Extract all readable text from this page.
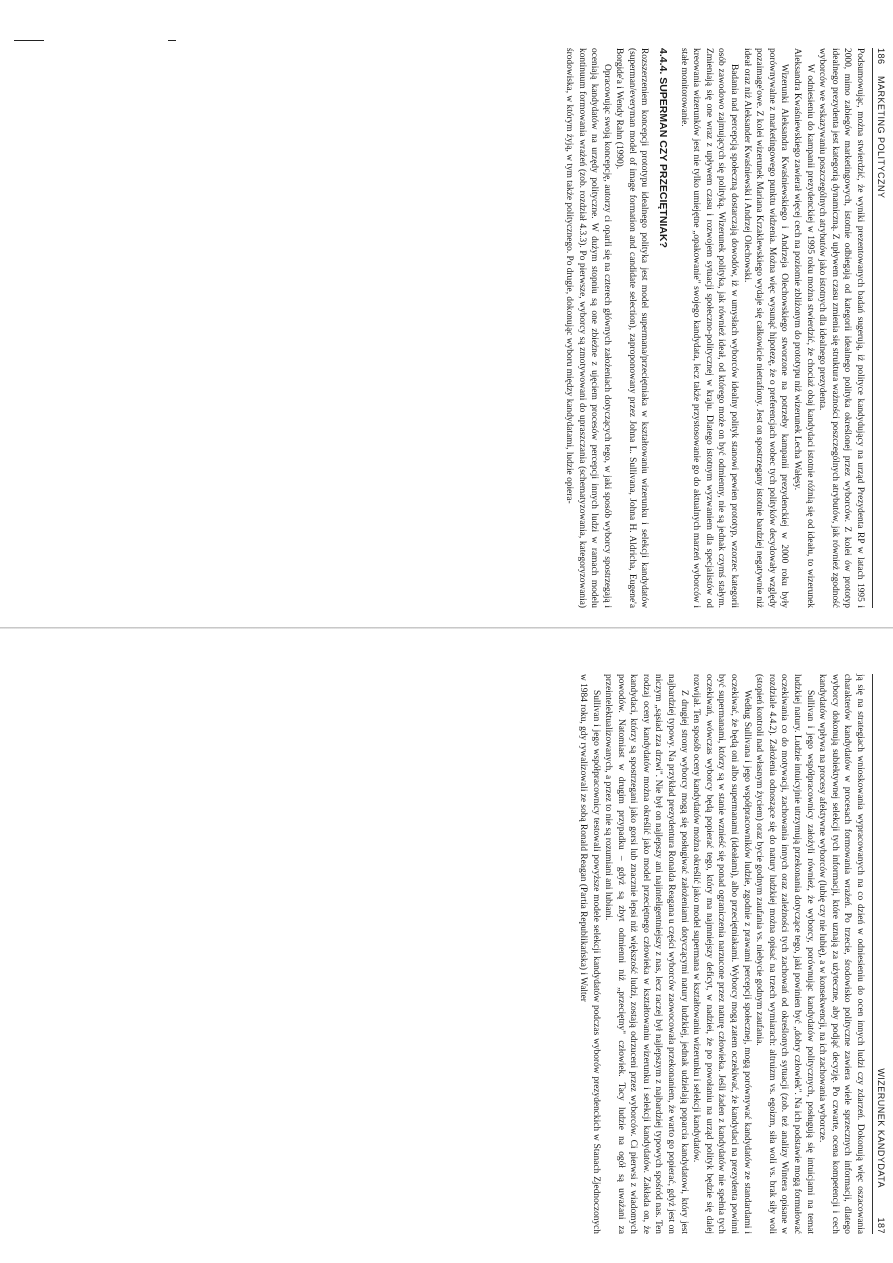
186
MARKETING POLITYCZNY

Podsumowując, można stwierdzić, że wyniki prezentowanych badań sugerują, iż polityce kandydujący na urząd Prezydenta RP w latach 1995 i 2000, mimo zabiegów marketingowych, istotnie odbiegają od kategorii idealnego polityka określonej przez wyborców. Z kolei ów prototyp idealnego prezydenta jest kategorią dynamiczną. Z upływem czasu zmienia się struktura ważności poszczególnych atrybutów, jak również zgodność wyborców we wskazywaniu poszczególnych atrybutów jako istotnych dla idealnego prezydenta.

W odniesieniu do kampanii prezydenckiej w 1995 roku można stwierdzić, że chociaż obaj kandydaci istotnie różnią się od ideału, to wizerunek Aleksandra Kwaśniewskiego zawierał więcej cech na poziomie zbliżonym do prototypu niż wizerunek Lecha Wałęsy.

Wizerunki Aleksandra Kwaśniewskiego i Andrzeja Olechowskiego stworzone na potrzeby kampanii prezydenckiej w 2000 roku były porównywalne z marketingowego punktu widzenia. Można więc wysunąć hipotezę, że o preferencjach wobec tych polityków decydowały względy pozaimage'owe. Z kolei wizerunek Mariana Krzaklewskiego wydaje się całkowicie nietrafiony. Jest on spostrzegany istotnie bardziej negatywnie niż ideał oraz niż Aleksander Kwaśniewski i Andrzej Olechowski.

Badania nad percepcją społeczną dostarczają dowodów, iż w umysłach wyborców idealny polityk stanowi pewien prototyp, wzorzec kategorii osób zawodowo zajmujących się polityką. Wizerunek polityka, jak również ideał, od którego może on być odmienny, nie są jednak czymś stałym. Zmieniają się one wraz z upływem czasu i rozwojem sytuacji społeczno-politycznej w kraju. Dlatego istotnym wyzwaniem dla specjalistów od kreowania wizerunków jest nie tylko umiejętne „opakowanie" swojego kandydata, lecz także przystosowanie go do aktualnych marzeń wyborców i stałe monitorowanie.

4.4.4. SUPERMAN CZY PRZECIĘTNIAK?

Rozszerzeniem koncepcji prototypu idealnego polityka jest model supermana/przeciętniaka w kształtowaniu wizerunku i selekcji kandydatów (superman/everyman model of image formation and candidate selection), zaproponowany przez Johna L. Sullivana, Johna H. Aldricha, Eugene'a Borgide'a i Wendy Rahn (1990).

Opracowując swoją koncepcję, autorzy ci oparli się na czterech głównych założeniach dotyczących tego, w jaki sposób wyborcy spostrzegają i oceniają kandydatów na urzędy polityczne. W dużym stopniu są one zbieżne z ujęciem procesów percepcji innych ludzi w ramach modelu kontinuum formowania wrażeń (zob. rozdział 4.3.3). Po pierwsze, wyborcy są zmotywowani do upraszczania (schematyzowania, kategoryzowania) środowiska, w którym żyją, w tym także politycznego. Po drugie, dokonując wyboru między kandydatami, ludzie opiera-

WIZERUNEK KANDYDATA
187

ją się na strategiach wnioskowania wypracowanych na co dzień w odniesieniu do ocen innych ludzi czy zdarzeń. Dokonują więc oszacowania charakterów kandydatów w procesach formowania wrażeń. Po trzecie, środowisko polityczne zawiera wiele sprzecznych informacji, dlatego wyborcy dokonują subiektywnej selekcji tych informacji, które uznają za użyteczne, aby podjąć decyzję. Po czwarte, ocena kompetencji i cech kandydatów wpływa na procesy afektywne wyborców (lubię czy nie lubię), a w konsekwencji, na ich zachowania wyborcze.

Sullivan i jego współpracownicy założyli również, że wyborcy, porównując kandydatów politycznych, posługują się intuicjami na temat ludzkiej natury. Ludzie intuicyjnie utrzymują przekonania dotyczące tego, jaki powinien być „dobry człowiek". Na ich podstawie mogą formułować oczekiwania co do motywacji, zachowania innych oraz zależności tych zachowań od określonych sytuacji (zob. też analizy Wintera opisane w rozdziale 4.4.2). Założenia odnoszące się do natury ludzkiej można opisać na trzech wymiarach: altruizm vs. egoizm, siła woli vs. brak siły woli (stopień kontroli nad własnym życiem) oraz bycie godnym zaufania vs. niebycie godnym zaufania.

Według Sullivana i jego współpracowników ludzie, zgodnie z prawami percepcji społecznej, mogą porównywać kandydatów ze standardami i oczekiwać, że będą oni albo supermanami (ideałami), albo przeciętniakami. Wyborcy mogą zatem oczekiwać, że kandydaci na prezydenta powinni być supermanami, którzy są w stanie wznieść się ponad ograniczenia narzucone przez naturę człowieka. Jeśli żaden z kandydatów nie spełnia tych oczekiwań, wówczas wyborcy będą popierać tego, który ma najmniejszy deficyt, w nadziei, że po powołaniu na urząd polityk będzie się dalej rozwijał. Ten sposób oceny kandydatów można określić jako model supermana w kształtowaniu wizerunku i selekcji kandydatów.

Z drugiej strony wyborcy mogą się posługiwać założeniami dotyczącymi natury ludzkiej, jednak udzielają poparcia kandydatowi, który jest najbardziej typowy. Na przykład prezydentura Ronalda Reagana u części wyborców zaowocowała przekonaniem, że warto go popierać, gdyż jest on niczym „sąsiad zza drzwi". Nie był on najlepszy ani najinteligentniejszy z nas, lecz raczej był najlepszym z najbardziej typowych spośród nas. Ten rodzaj oceny kandydatów można określić jako model przeciętnego człowieka w kształtowaniu wizerunku i selekcji kandydatów. Zakłada on, że kandydaci, którzy są spostrzegani jako gorsi lub znacznie lepsi niż większość ludzi, zostają odrzuceni przez wyborców. Ci pierwsi z wiadomych powodów. Natomiast w drugim przypadku – gdyż są zbyt odmienni niż „przeciętny" człowiek. Tacy ludzie na ogół są uważani za przeintelektualizowanych, a przez to nie są rozumiani ani lubiani.

Sullivan i jego współpracownicy testowali powyższe modele selekcji kandydatów podczas wyborów prezydenckich w Stanach Zjednoczonych w 1984 roku, gdy rywalizowali ze sobą Ronald Reagan (Partia Republikańska) i Walter
